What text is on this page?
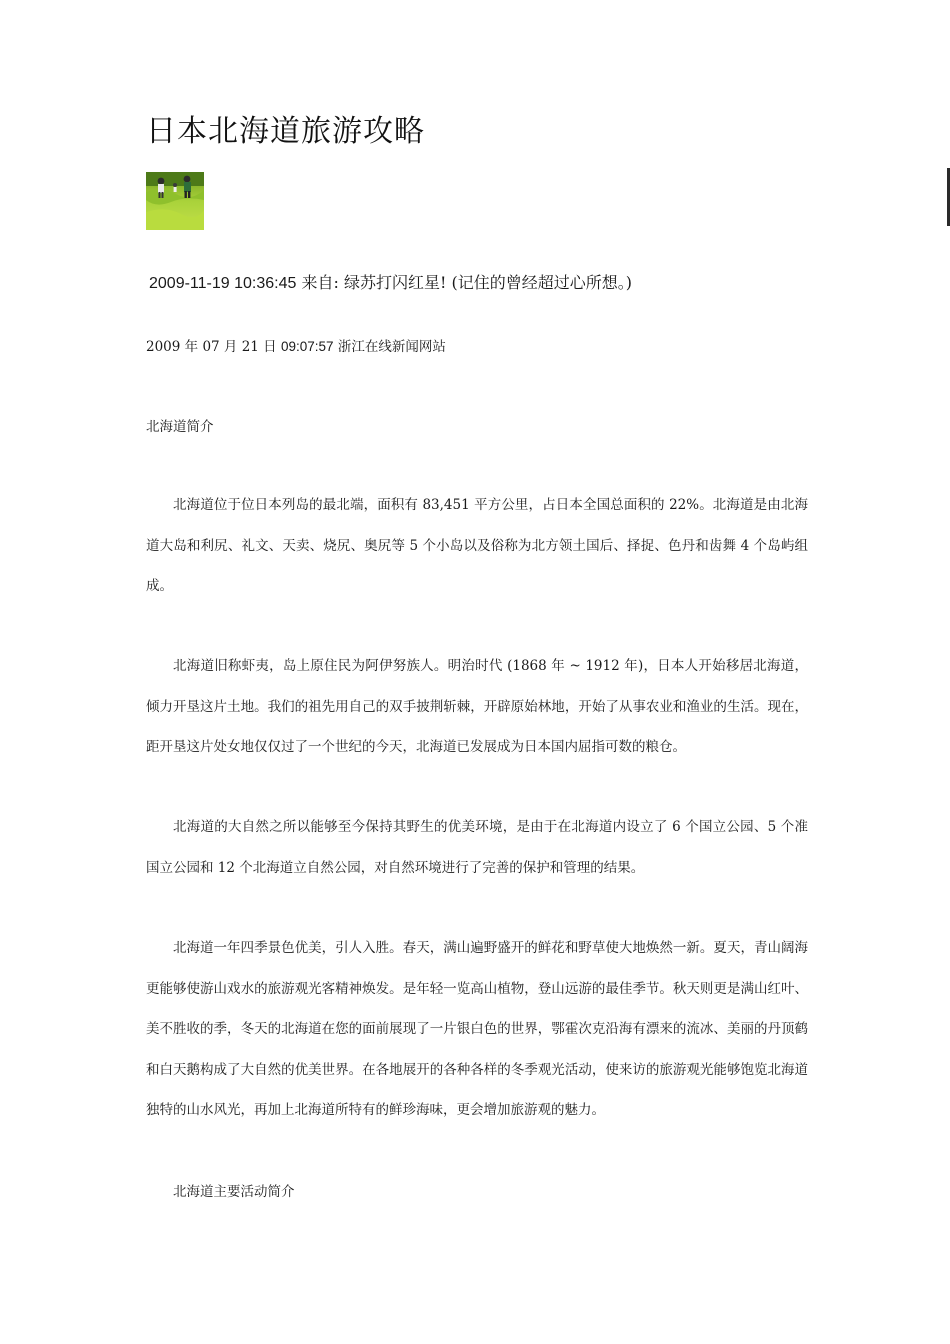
日本北海道旅游攻略
2009-11-19 10:36:45 来自: 绿苏打闪红星! (记住的曾经超过心所想。)
2009 年 07 月 21 日 09:07:57 浙江在线新闻网站
北海道简介

北海道位于位日本列岛的最北端，面积有 83,451 平方公里，占日本全国总面积的 22%。北海道是由北海道大岛和利尻、礼文、天卖、烧尻、奥尻等 5 个小岛以及俗称为北方领土国后、择捉、色丹和齿舞 4 个岛屿组成。

北海道旧称虾夷，岛上原住民为阿伊努族人。明治时代 (1868 年 ~ 1912 年)，日本人开始移居北海道，倾力开垦这片土地。我们的祖先用自己的双手披荆斩棘，开辟原始林地，开始了从事农业和渔业的生活。现在，距开垦这片处女地仅仅过了一个世纪的今天，北海道已发展成为日本国内屈指可数的粮仓。

北海道的大自然之所以能够至今保持其野生的优美环境，是由于在北海道内设立了 6 个国立公园、5 个准国立公园和 12 个北海道立自然公园，对自然环境进行了完善的保护和管理的结果。

北海道一年四季景色优美，引人入胜。春天，满山遍野盛开的鲜花和野草使大地焕然一新。夏天，青山阔海更能够使游山戏水的旅游观光客精神焕发。是年轻一览高山植物，登山远游的最佳季节。秋天则更是满山红叶、美不胜收的季，冬天的北海道在您的面前展现了一片银白色的世界，鄂霍次克沿海有漂来的流冰、美丽的丹顶鹤和白天鹅构成了大自然的优美世界。在各地展开的各种各样的冬季观光活动，使来访的旅游观光能够饱览北海道独特的山水风光，再加上北海道所特有的鲜珍海味，更会增加旅游观的魅力。

北海道主要活动简介
